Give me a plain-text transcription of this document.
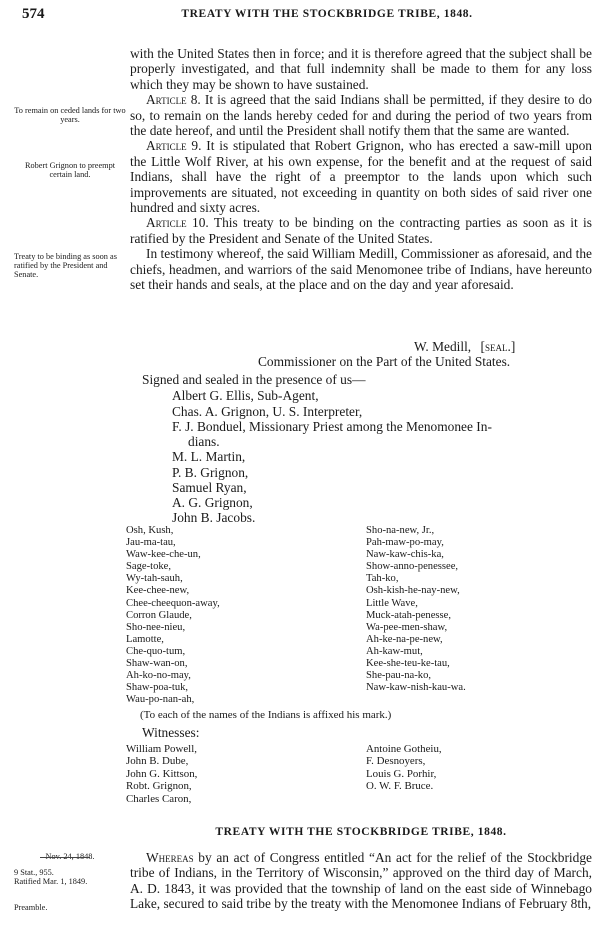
574	TREATY WITH THE STOCKBRIDGE TRIBE, 1848.
To remain on ceded lands for two years.
Robert Grignon to preempt certain land.
Treaty to be binding as soon as ratified by the President and Senate.

with the United States then in force; and it is therefore agreed that the subject shall be properly investigated, and that full indemnity shall be made to them for any loss which they may be shown to have sustained.

Article 8. It is agreed that the said Indians shall be permitted, if they desire to do so, to remain on the lands hereby ceded for and during the period of two years from the date hereof, and until the President shall notify them that the same are wanted.

Article 9. It is stipulated that Robert Grignon, who has erected a saw-mill upon the Little Wolf River, at his own expense, for the benefit and at the request of said Indians, shall have the right of a preemptor to the lands upon which such improvements are situated, not exceeding in quantity on both sides of said river one hundred and sixty acres.

Article 10. This treaty to be binding on the contracting parties as soon as it is ratified by the President and Senate of the United States.

In testimony whereof, the said William Medill, Commissioner as aforesaid, and the chiefs, headmen, and warriors of the said Menomonee tribe of Indians, have hereunto set their hands and seals, at the place and on the day and year aforesaid.

W. Medill, [seal.]
Commissioner on the Part of the United States.
Signed and sealed in the presence of us—
Albert G. Ellis, Sub-Agent,
Chas. A. Grignon, U. S. Interpreter,
F. J. Bonduel, Missionary Priest among the Menomonee In-
dians.
M. L. Martin,
P. B. Grignon,
Samuel Ryan,
A. G. Grignon,
John B. Jacobs.
Osh, Kush,
Jau-ma-tau,
Waw-kee-che-un,
Sage-toke,
Wy-tah-sauh,
Kee-chee-new,
Chee-cheequon-away,
Corron Glaude,
Sho-nee-nieu,
Lamotte,
Che-quo-tum,
Shaw-wan-on,
Ah-ko-no-may,
Shaw-poa-tuk,
Wau-po-nan-ah,
Sho-na-new, Jr.,
Pah-maw-po-may,
Naw-kaw-chis-ka,
Show-anno-penessee,
Tah-ko,
Osh-kish-he-nay-new,
Little Wave,
Muck-atah-penesse,
Wa-pee-men-shaw,
Ah-ke-na-pe-new,
Ah-kaw-mut,
Kee-she-teu-ke-tau,
She-pau-na-ko,
Naw-kaw-nish-kau-wa.
(To each of the names of the Indians is affixed his mark.)
Witnesses:
William Powell,
John B. Dube,
John G. Kittson,
Robt. Grignon,
Charles Caron,
Antoine Gotheiu,
F. Desnoyers,
Louis G. Porhir,
O. W. F. Bruce.
TREATY WITH THE STOCKBRIDGE TRIBE, 1848.
Nov. 24, 1848.
9 Stat., 955.
Ratified Mar. 1, 1849.
Preamble.

Whereas by an act of Congress entitled “An act for the relief of the Stockbridge tribe of Indians, in the Territory of Wisconsin,” approved on the third day of March, A. D. 1843, it was provided that the township of land on the east side of Winnebago Lake, secured to said tribe by the treaty with the Menomonee Indians of February 8th,
